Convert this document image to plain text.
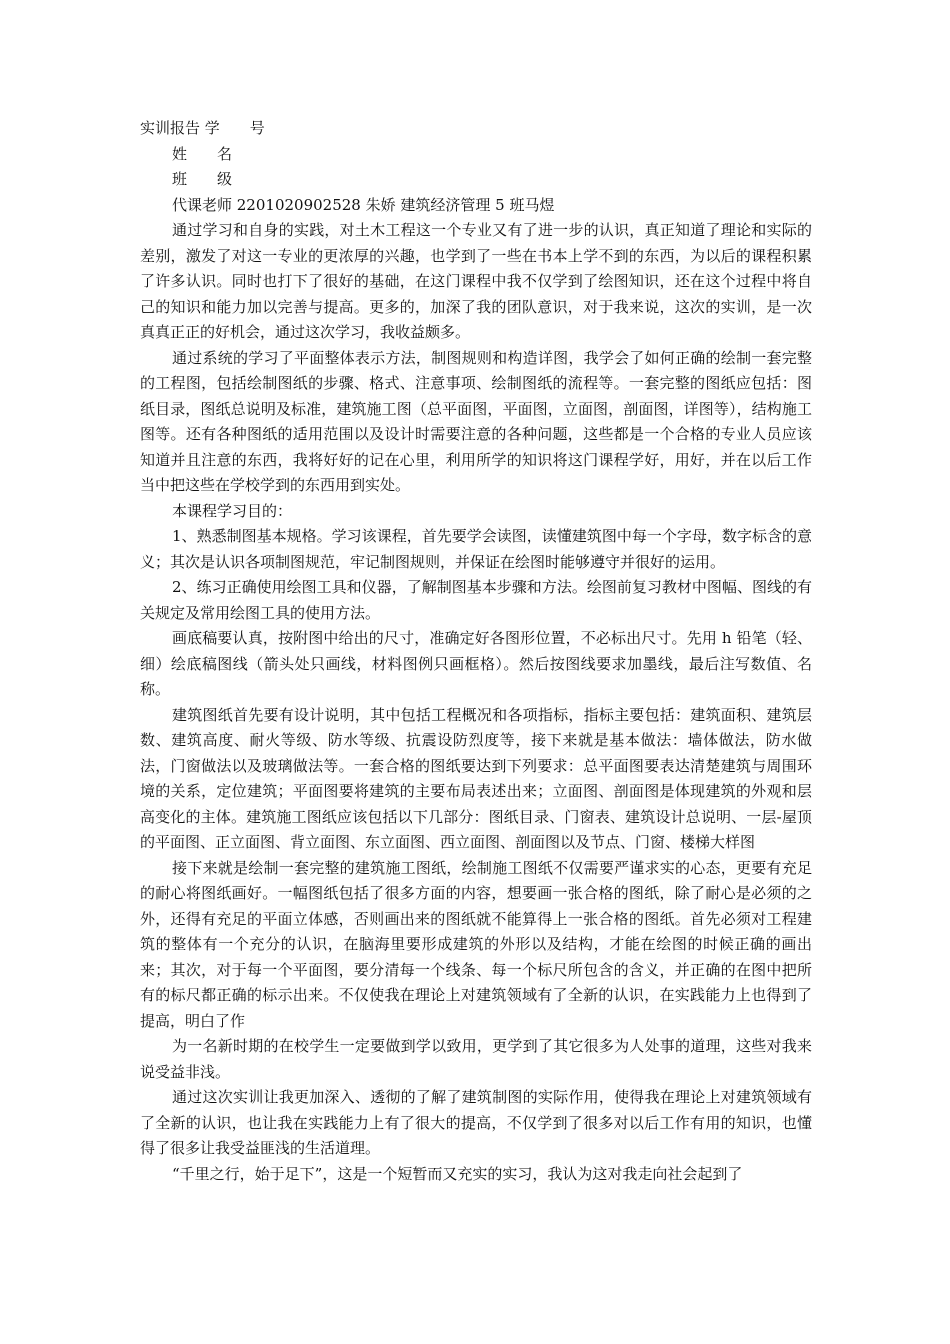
实训报告 学　　号
姓　　名
班　　级
代课老师 2201020902528 朱娇 建筑经济管理 5 班马煜

通过学习和自身的实践，对土木工程这一个专业又有了进一步的认识，真正知道了理论和实际的差别，激发了对这一专业的更浓厚的兴趣，也学到了一些在书本上学不到的东西，为以后的课程积累了许多认识。同时也打下了很好的基础，在这门课程中我不仅学到了绘图知识，还在这个过程中将自己的知识和能力加以完善与提高。更多的，加深了我的团队意识，对于我来说，这次的实训，是一次真真正正的好机会，通过这次学习，我收益颇多。

通过系统的学习了平面整体表示方法，制图规则和构造详图，我学会了如何正确的绘制一套完整的工程图，包括绘制图纸的步骤、格式、注意事项、绘制图纸的流程等。一套完整的图纸应包括：图纸目录，图纸总说明及标准，建筑施工图（总平面图，平面图，立面图，剖面图，详图等），结构施工图等。还有各种图纸的适用范围以及设计时需要注意的各种问题，这些都是一个合格的专业人员应该知道并且注意的东西，我将好好的记在心里，利用所学的知识将这门课程学好，用好，并在以后工作当中把这些在学校学到的东西用到实处。

本课程学习目的：

1、熟悉制图基本规格。学习该课程，首先要学会读图，读懂建筑图中每一个字母，数字标含的意义；其次是认识各项制图规范，牢记制图规则，并保证在绘图时能够遵守并很好的运用。

2、练习正确使用绘图工具和仪器，了解制图基本步骤和方法。绘图前复习教材中图幅、图线的有关规定及常用绘图工具的使用方法。

画底稿要认真，按附图中给出的尺寸，准确定好各图形位置，不必标出尺寸。先用 h 铅笔（轻、细）绘底稿图线（箭头处只画线，材料图例只画框格）。然后按图线要求加墨线，最后注写数值、名称。

建筑图纸首先要有设计说明，其中包括工程概况和各项指标，指标主要包括：建筑面积、建筑层数、建筑高度、耐火等级、防水等级、抗震设防烈度等，接下来就是基本做法：墙体做法，防水做法，门窗做法以及玻璃做法等。一套合格的图纸要达到下列要求：总平面图要表达清楚建筑与周围环境的关系，定位建筑；平面图要将建筑的主要布局表述出来；立面图、剖面图是体现建筑的外观和层高变化的主体。建筑施工图纸应该包括以下几部分：图纸目录、门窗表、建筑设计总说明、一层-屋顶的平面图、正立面图、背立面图、东立面图、西立面图、剖面图以及节点、门窗、楼梯大样图

接下来就是绘制一套完整的建筑施工图纸，绘制施工图纸不仅需要严谨求实的心态，更要有充足的耐心将图纸画好。一幅图纸包括了很多方面的内容，想要画一张合格的图纸，除了耐心是必须的之外，还得有充足的平面立体感，否则画出来的图纸就不能算得上一张合格的图纸。首先必须对工程建筑的整体有一个充分的认识，在脑海里要形成建筑的外形以及结构，才能在绘图的时候正确的画出来；其次，对于每一个平面图，要分清每一个线条、每一个标尺所包含的含义，并正确的在图中把所有的标尺都正确的标示出来。不仅使我在理论上对建筑领域有了全新的认识，在实践能力上也得到了提高，明白了作

为一名新时期的在校学生一定要做到学以致用，更学到了其它很多为人处事的道理，这些对我来说受益非浅。

通过这次实训让我更加深入、透彻的了解了建筑制图的实际作用，使得我在理论上对建筑领域有了全新的认识，也让我在实践能力上有了很大的提高，不仅学到了很多对以后工作有用的知识，也懂得了很多让我受益匪浅的生活道理。

“千里之行，始于足下”，这是一个短暂而又充实的实习，我认为这对我走向社会起到了
